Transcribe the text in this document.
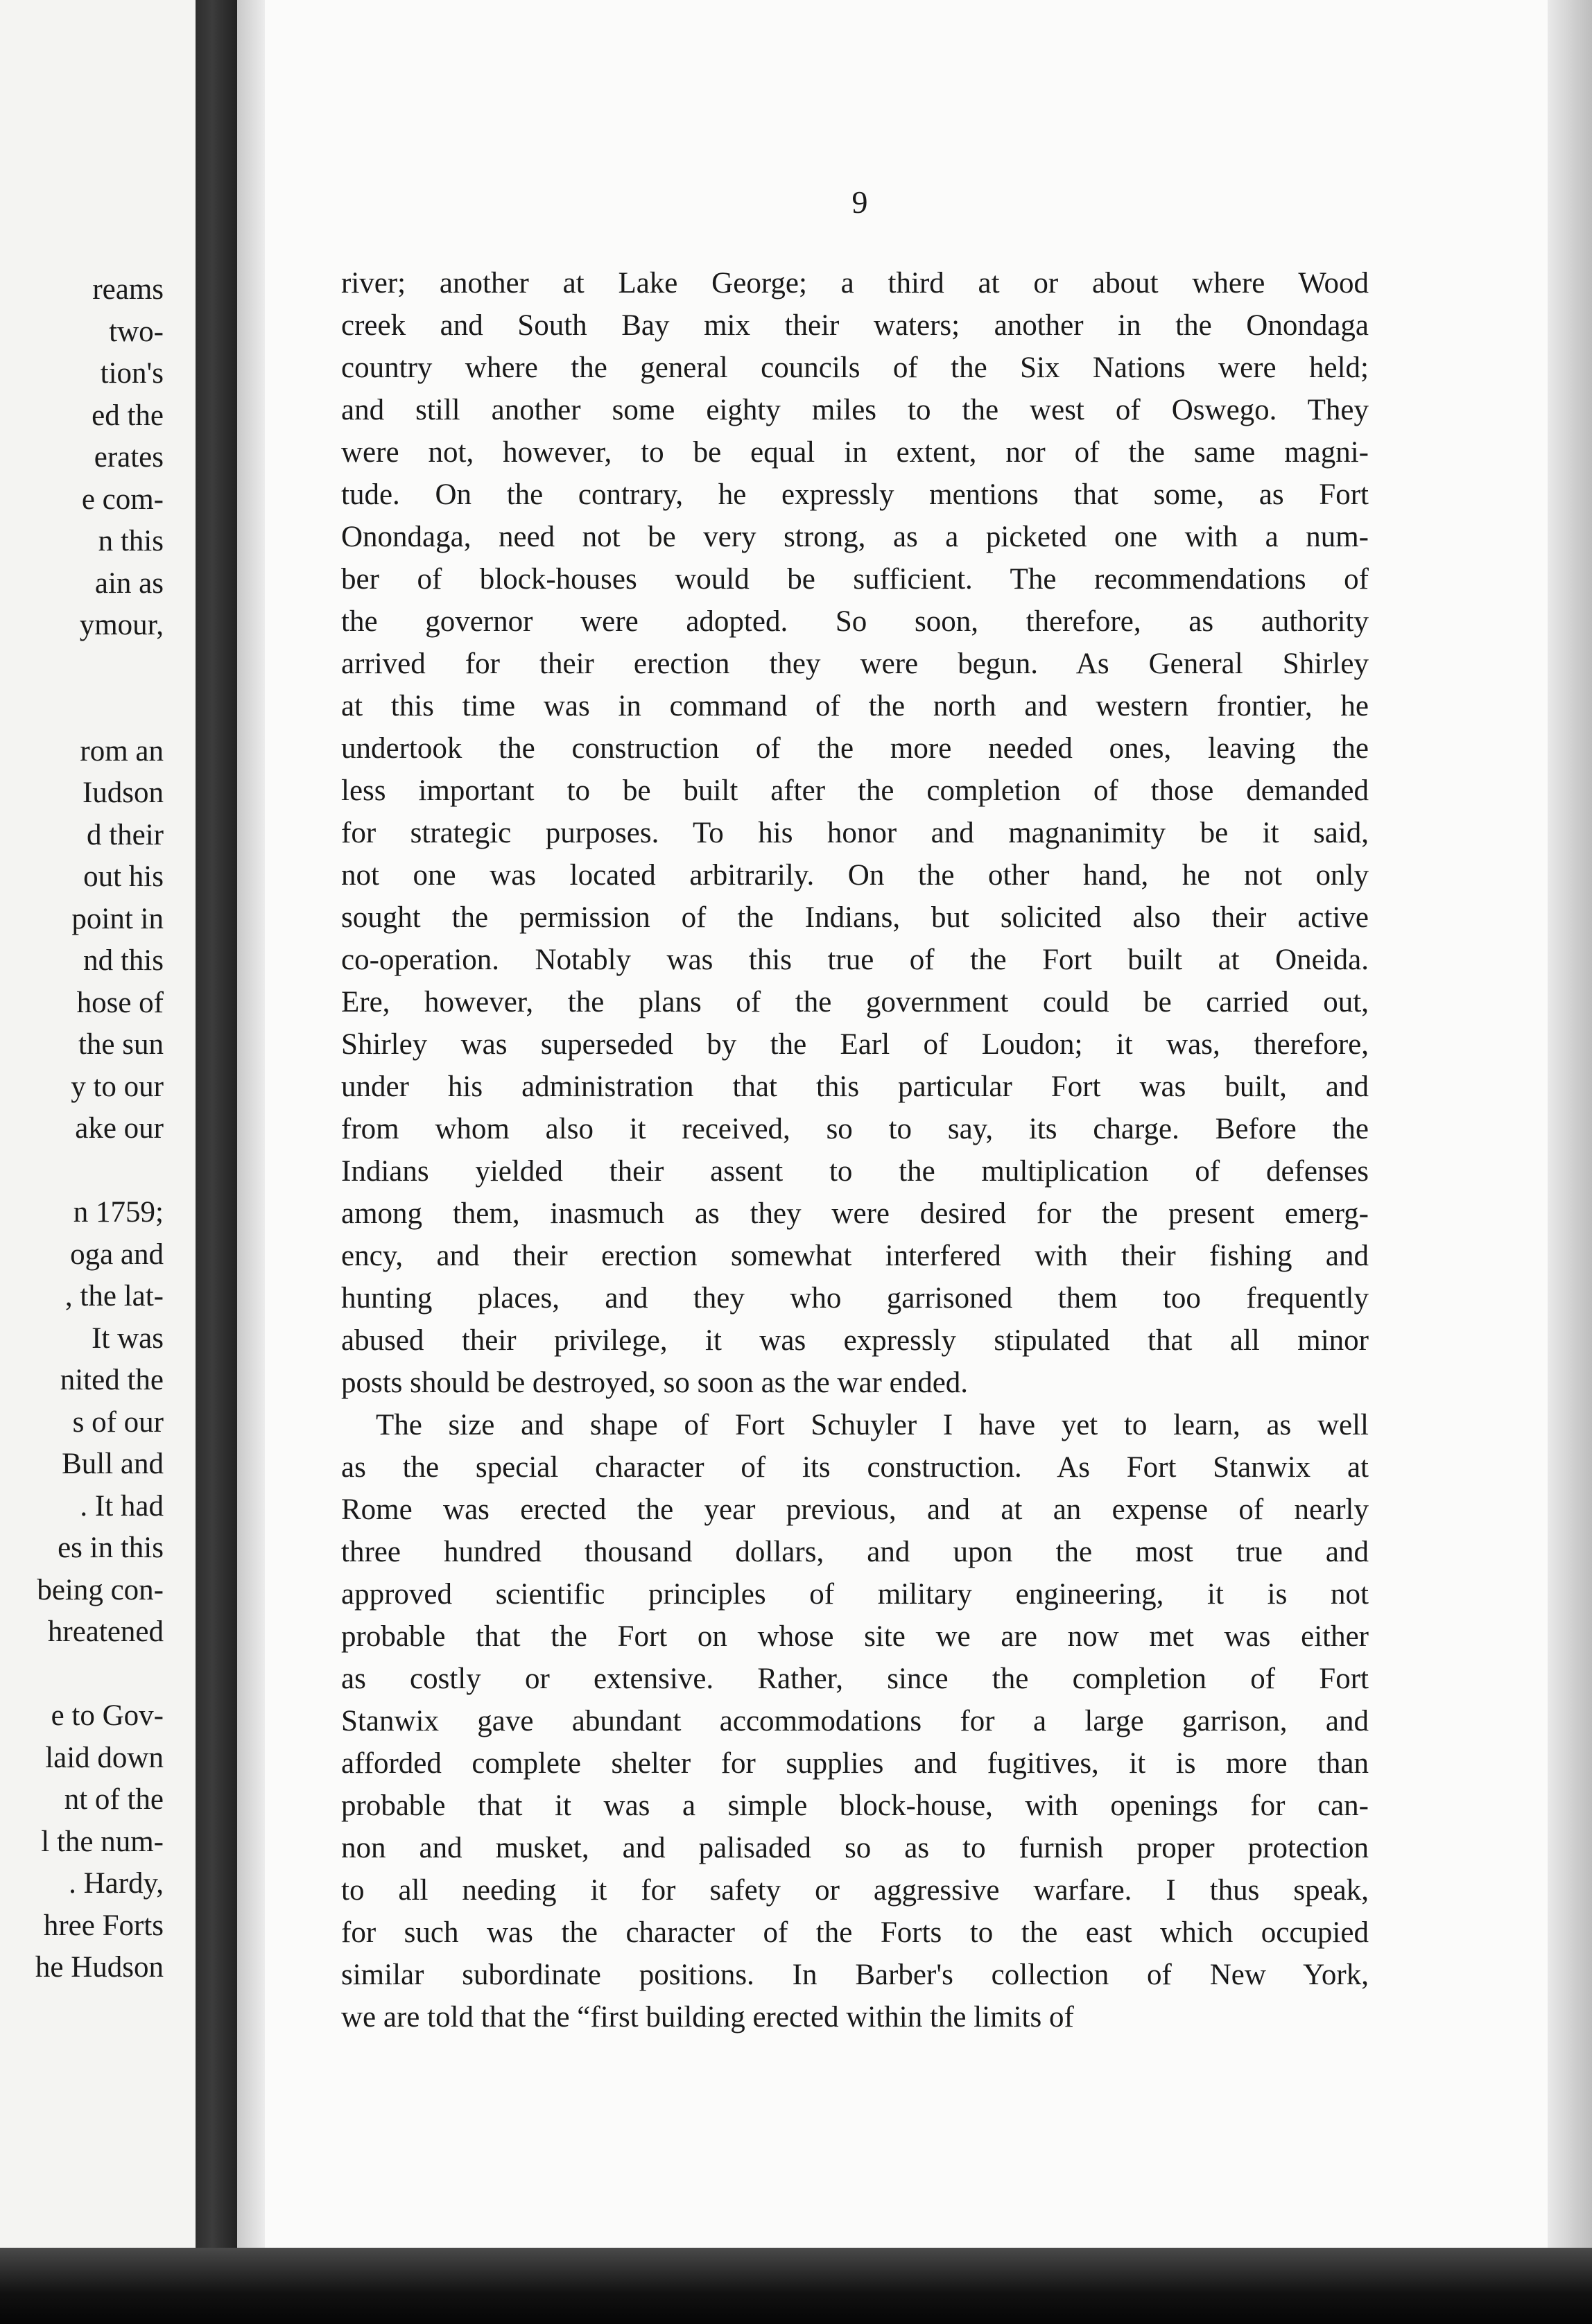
reams
two-
tion's
ed the
erates
e com-
n this
ain as
ymour,
rom an
Iudson
d their
out his
point in
nd this
hose of
the sun
y to our
ake our
n 1759;
oga and
, the lat-
It was
nited the
s of our
Bull and
. It had
es in this
being con-
hreatened
e to Gov-
laid down
nt of the
l the num-
. Hardy,
hree Forts
he Hudson
9
river; another at Lake George; a third at or about where Wood
creek and South Bay mix their waters; another in the Onondaga
country where the general councils of the Six Nations were held;
and still another some eighty miles to the west of Oswego. They
were not, however, to be equal in extent, nor of the same magni-
tude. On the contrary, he expressly mentions that some, as Fort
Onondaga, need not be very strong, as a picketed one with a num-
ber of block-houses would be sufficient. The recommendations of
the governor were adopted. So soon, therefore, as authority
arrived for their erection they were begun. As General Shirley
at this time was in command of the north and western frontier, he
undertook the construction of the more needed ones, leaving the
less important to be built after the completion of those demanded
for strategic purposes. To his honor and magnanimity be it said,
not one was located arbitrarily. On the other hand, he not only
sought the permission of the Indians, but solicited also their active
co-operation. Notably was this true of the Fort built at Oneida.
Ere, however, the plans of the government could be carried out,
Shirley was superseded by the Earl of Loudon; it was, therefore,
under his administration that this particular Fort was built, and
from whom also it received, so to say, its charge. Before the
Indians yielded their assent to the multiplication of defenses
among them, inasmuch as they were desired for the present emerg-
ency, and their erection somewhat interfered with their fishing and
hunting places, and they who garrisoned them too frequently
abused their privilege, it was expressly stipulated that all minor
posts should be destroyed, so soon as the war ended.
The size and shape of Fort Schuyler I have yet to learn, as well
as the special character of its construction. As Fort Stanwix at
Rome was erected the year previous, and at an expense of nearly
three hundred thousand dollars, and upon the most true and
approved scientific principles of military engineering, it is not
probable that the Fort on whose site we are now met was either
as costly or extensive. Rather, since the completion of Fort
Stanwix gave abundant accommodations for a large garrison, and
afforded complete shelter for supplies and fugitives, it is more than
probable that it was a simple block-house, with openings for can-
non and musket, and palisaded so as to furnish proper protection
to all needing it for safety or aggressive warfare. I thus speak,
for such was the character of the Forts to the east which occupied
similar subordinate positions. In Barber's collection of New York,
we are told that the “first building erected within the limits of
